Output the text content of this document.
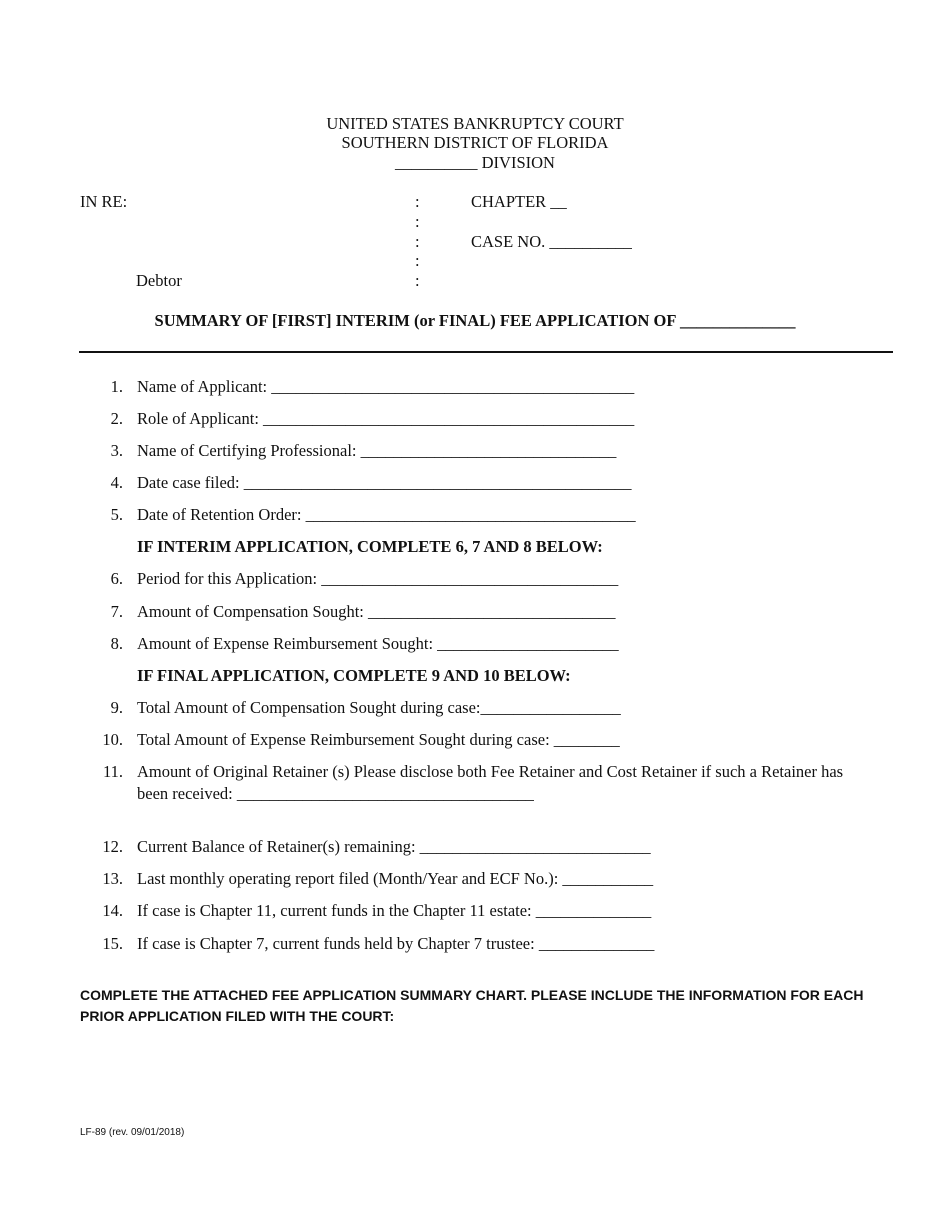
UNITED STATES BANKRUPTCY COURT
SOUTHERN DISTRICT OF FLORIDA
__________ DIVISION
IN RE:
Debtor
:
:
:
:
:
CHAPTER __
CASE NO. __________
SUMMARY OF [FIRST] INTERIM (or FINAL) FEE APPLICATION OF ______________
1. Name of Applicant: ____________________________________________
2. Role of Applicant: _____________________________________________
3. Name of Certifying Professional: _______________________________
4. Date case filed: _______________________________________________
5. Date of Retention Order: ________________________________________
IF INTERIM APPLICATION, COMPLETE 6, 7 AND 8 BELOW:
6. Period for this Application: ____________________________________
7. Amount of Compensation Sought: ______________________________
8. Amount of Expense Reimbursement Sought: ______________________
IF FINAL APPLICATION, COMPLETE 9 AND 10 BELOW:
9. Total Amount of Compensation Sought during case:_________________
10. Total Amount of Expense Reimbursement Sought during case: ________
11. Amount of Original Retainer (s) Please disclose both Fee Retainer and Cost Retainer if such a Retainer has been received: ____________________________________
12. Current Balance of Retainer(s) remaining: ____________________________
13. Last monthly operating report filed (Month/Year and ECF No.): ___________
14. If case is Chapter 11, current funds in the Chapter 11 estate: ______________
15. If case is Chapter 7, current funds held by Chapter 7 trustee: ______________
COMPLETE THE ATTACHED FEE APPLICATION SUMMARY CHART. PLEASE INCLUDE THE INFORMATION FOR EACH PRIOR APPLICATION FILED WITH THE COURT:
LF-89 (rev. 09/01/2018)
